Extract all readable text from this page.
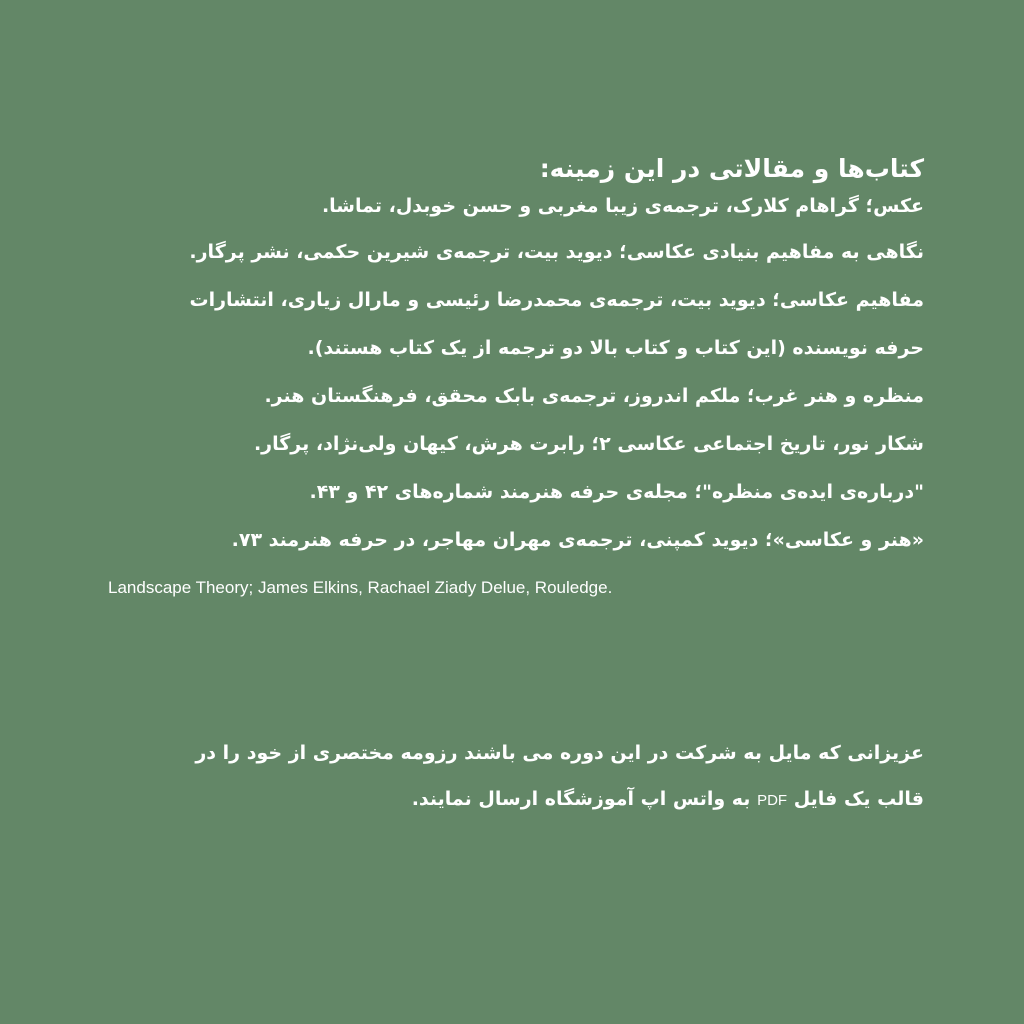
کتاب‌ها و مقالاتی در این زمینه:
عکس؛ گراهام کلارک، ترجمه‌ی زیبا مغربی و حسن خوبدل، تماشا.
نگاهی به مفاهیم بنیادی عکاسی؛ دیوید بیت، ترجمه‌ی شیرین حکمی، نشر پرگار.
مفاهیم عکاسی؛ دیوید بیت، ترجمه‌ی محمدرضا رئیسی و مارال زیاری، انتشارات
حرفه نویسنده (این کتاب و کتاب بالا دو ترجمه از یک کتاب هستند).
منظره و هنر غرب؛ ملکم اندروز، ترجمه‌ی بابک محقق، فرهنگستان هنر.
شکار نور، تاریخ اجتماعی عکاسی ۲؛ رابرت هرش، کیهان ولی‌نژاد، پرگار.
"درباره‌ی ایده‌ی منظره"؛ مجله‌ی حرفه هنرمند شماره‌های ۴۲ و ۴۳.
«هنر و عکاسی»؛ دیوید کمپنی، ترجمه‌ی مهران مهاجر، در حرفه هنرمند ۷۳.
Landscape Theory; James Elkins, Rachael Ziady Delue, Rouledge.
عزیزانی که مایل به شرکت در این دوره می باشند رزومه مختصری از خود را در
قالب یک فایل PDF به واتس اپ آموزشگاه ارسال نمایند.
